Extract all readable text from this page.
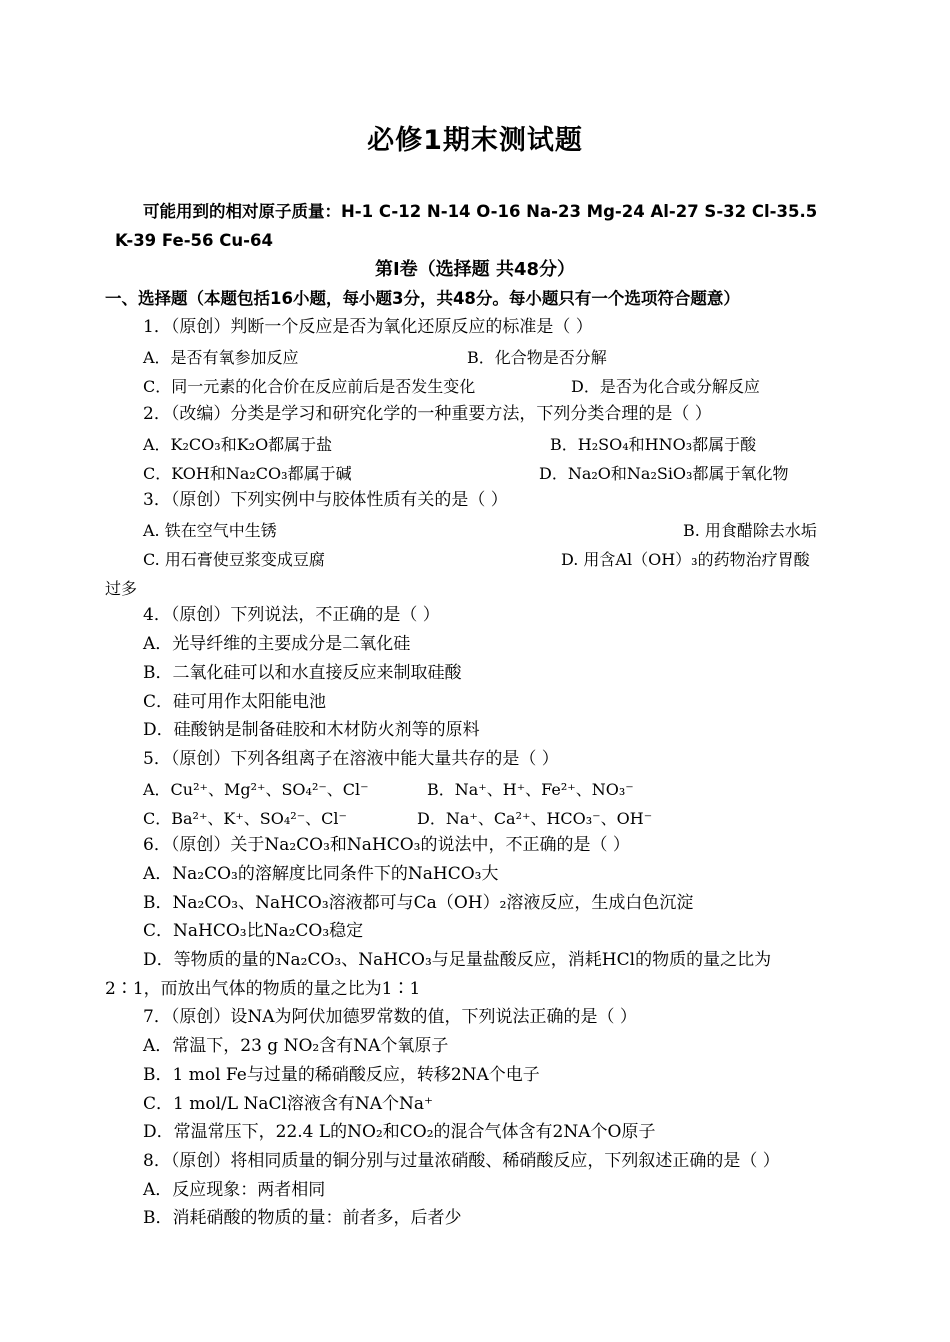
必修1期末测试题
可能用到的相对原子质量：H-1 C-12 N-14 O-16 Na-23 Mg-24 Al-27 S-32 Cl-35.5
K-39 Fe-56 Cu-64
第Ⅰ卷（选择题 共48分）
一、选择题（本题包括16小题，每小题3分，共48分。每小题只有一个选项符合题意）
1．（原创）判断一个反应是否为氧化还原反应的标准是（ ）
A．是否有氧参加反应	B．化合物是否分解
C．同一元素的化合价在反应前后是否发生变化	D．是否为化合或分解反应
2．（改编）分类是学习和研究化学的一种重要方法，下列分类合理的是（ ）
A．K₂CO₃和K₂O都属于盐	B．H₂SO₄和HNO₃都属于酸
C．KOH和Na₂CO₃都属于碱	D．Na₂O和Na₂SiO₃都属于氧化物
3．（原创）下列实例中与胶体性质有关的是（ ）
A. 铁在空气中生锈	B. 用食醋除去水垢
C. 用石膏使豆浆变成豆腐	D. 用含Al（OH）₃的药物治疗胃酸
过多
4．（原创）下列说法，不正确的是（ ）
A．光导纤维的主要成分是二氧化硅
B．二氧化硅可以和水直接反应来制取硅酸
C．硅可用作太阳能电池
D．硅酸钠是制备硅胶和木材防火剂等的原料
5．（原创）下列各组离子在溶液中能大量共存的是（ ）
A．Cu²⁺、Mg²⁺、SO₄²⁻、Cl⁻	B．Na⁺、H⁺、Fe²⁺、NO₃⁻
C．Ba²⁺、K⁺、SO₄²⁻、Cl⁻	D．Na⁺、Ca²⁺、HCO₃⁻、OH⁻
6．（原创）关于Na₂CO₃和NaHCO₃的说法中，不正确的是（ ）
A．Na₂CO₃的溶解度比同条件下的NaHCO₃大
B．Na₂CO₃、NaHCO₃溶液都可与Ca（OH）₂溶液反应，生成白色沉淀
C．NaHCO₃比Na₂CO₃稳定
D．等物质的量的Na₂CO₃、NaHCO₃与足量盐酸反应，消耗HCl的物质的量之比为
2∶1，而放出气体的物质的量之比为1∶1
7．（原创）设NA为阿伏加德罗常数的值，下列说法正确的是（ ）
A．常温下，23 g NO₂含有NA个氧原子
B．1 mol Fe与过量的稀硝酸反应，转移2NA个电子
C．1 mol/L NaCl溶液含有NA个Na⁺
D．常温常压下，22.4 L的NO₂和CO₂的混合气体含有2NA个O原子
8．（原创）将相同质量的铜分别与过量浓硝酸、稀硝酸反应，下列叙述正确的是（ ）
A．反应现象：两者相同
B．消耗硝酸的物质的量：前者多，后者少
